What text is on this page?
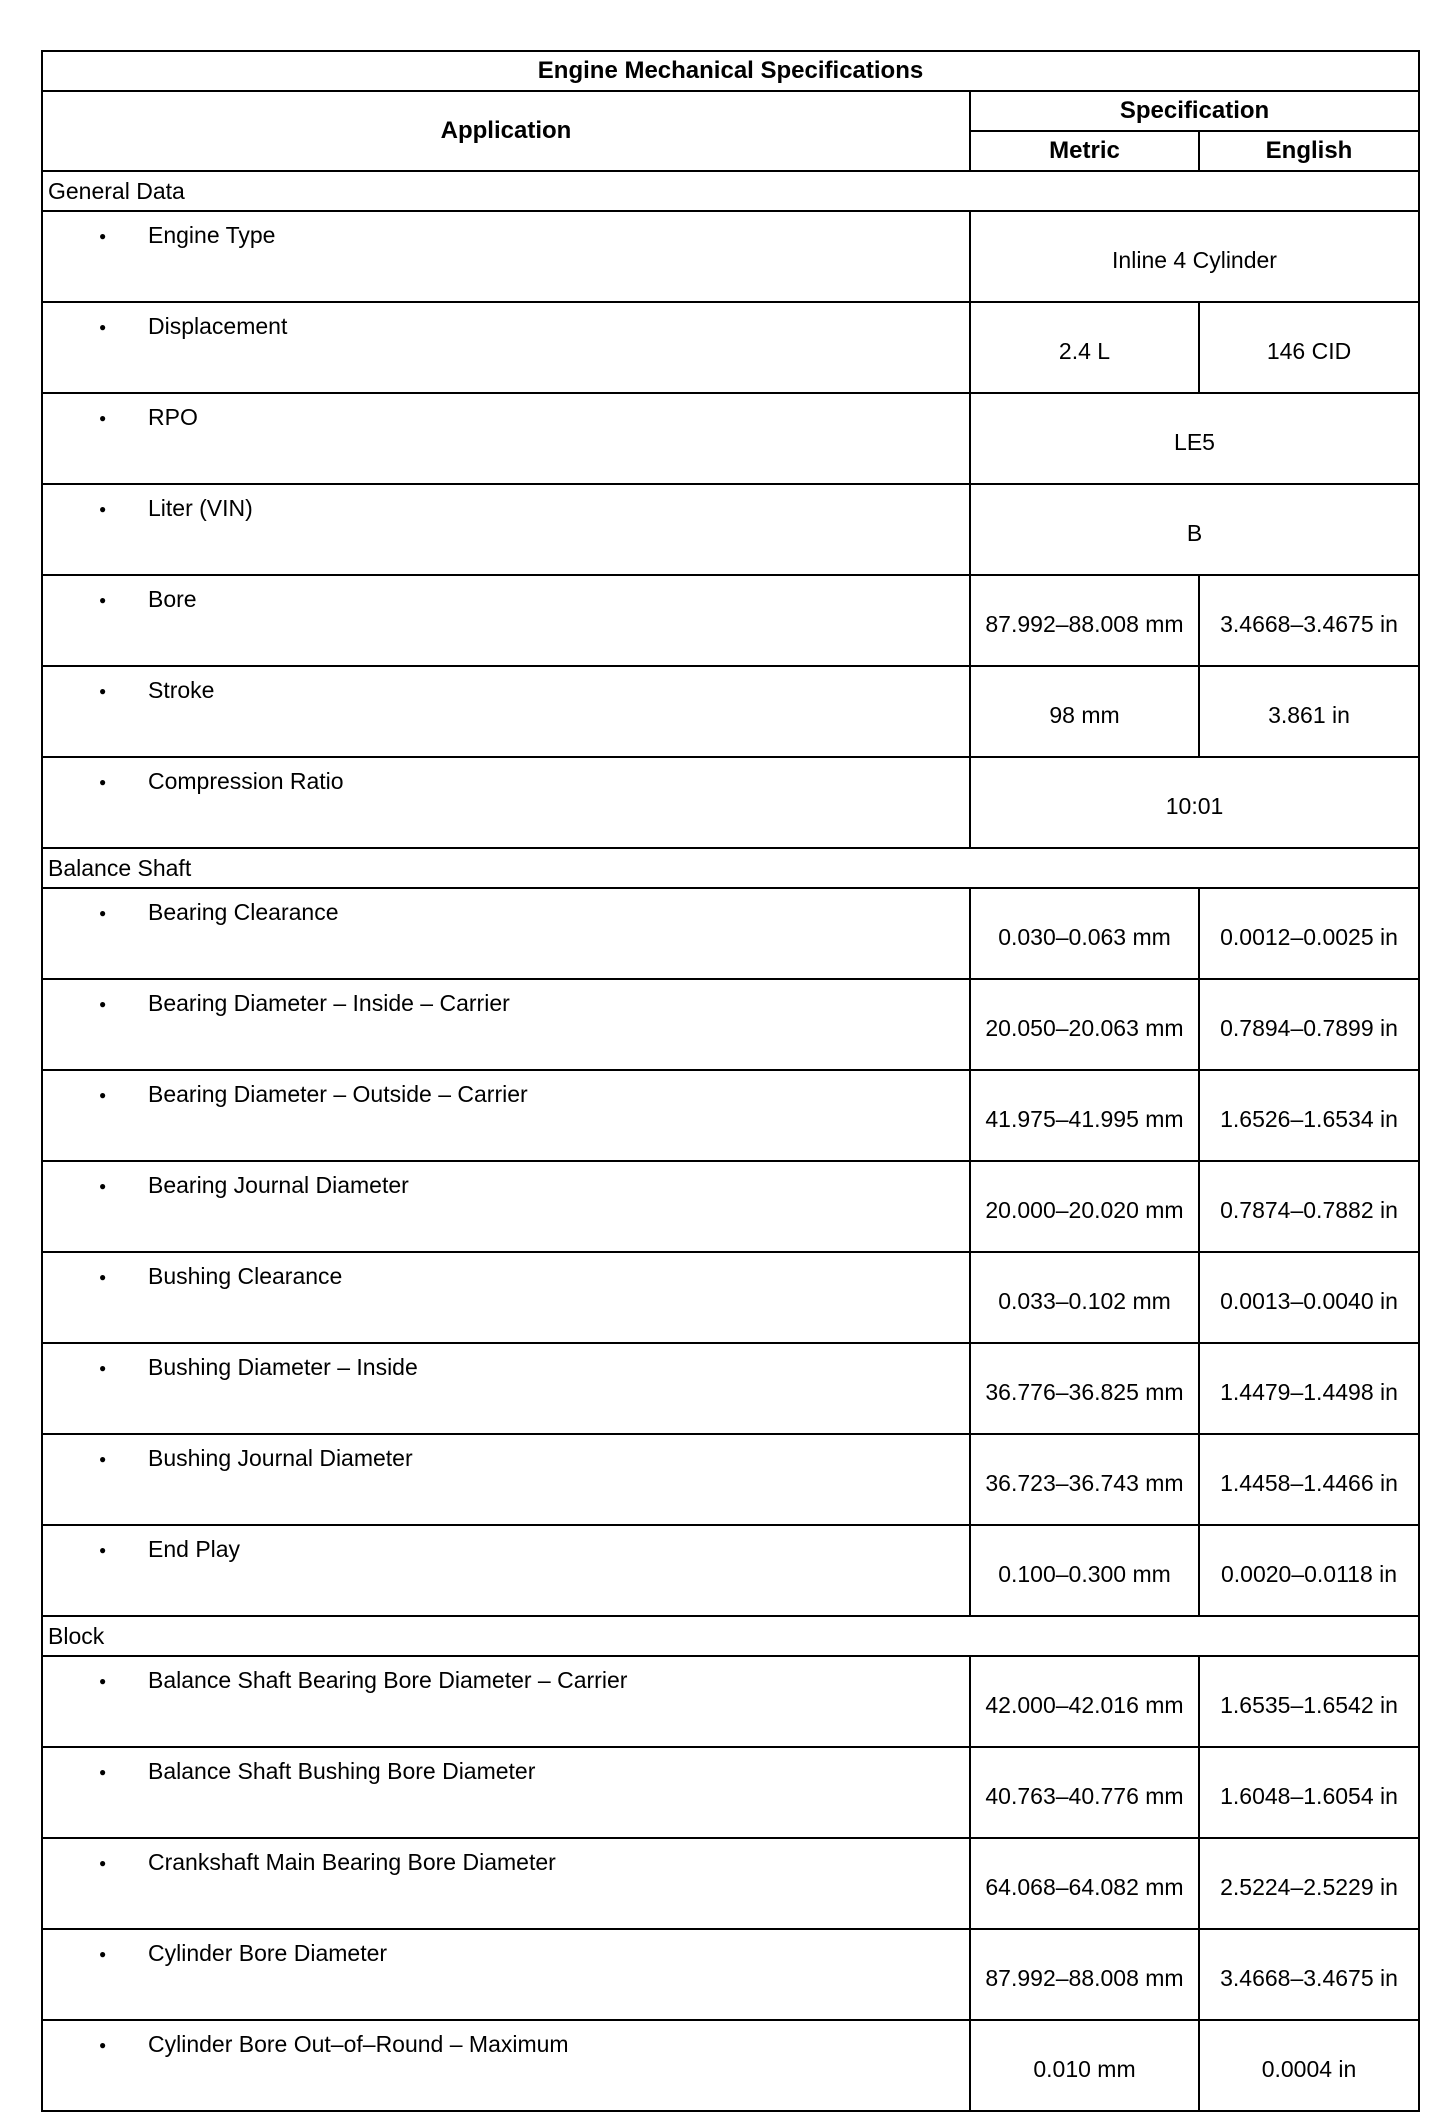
Engine Mechanical Specifications		
Application	Specification	
	Metric	English
General Data		

● Engine Type	Inline 4 Cylinder	

● Displacement	2.4 L	146 CID

● RPO	LE5	

● Liter (VIN)	B	

● Bore	87.992–88.008 mm	3.4668–3.4675 in

● Stroke	98 mm	3.861 in

● Compression Ratio	10:01	
Balance Shaft		

● Bearing Clearance	0.030–0.063 mm	0.0012–0.0025 in

● Bearing Diameter – Inside – Carrier	20.050–20.063 mm	0.7894–0.7899 in

● Bearing Diameter – Outside – Carrier	41.975–41.995 mm	1.6526–1.6534 in

● Bearing Journal Diameter	20.000–20.020 mm	0.7874–0.7882 in

● Bushing Clearance	0.033–0.102 mm	0.0013–0.0040 in

● Bushing Diameter – Inside	36.776–36.825 mm	1.4479–1.4498 in

● Bushing Journal Diameter	36.723–36.743 mm	1.4458–1.4466 in

● End Play	0.100–0.300 mm	0.0020–0.0118 in
Block		

● Balance Shaft Bearing Bore Diameter – Carrier	42.000–42.016 mm	1.6535–1.6542 in

● Balance Shaft Bushing Bore Diameter	40.763–40.776 mm	1.6048–1.6054 in

● Crankshaft Main Bearing Bore Diameter	64.068–64.082 mm	2.5224–2.5229 in

● Cylinder Bore Diameter	87.992–88.008 mm	3.4668–3.4675 in

● Cylinder Bore Out–of–Round – Maximum	0.010 mm	0.0004 in
